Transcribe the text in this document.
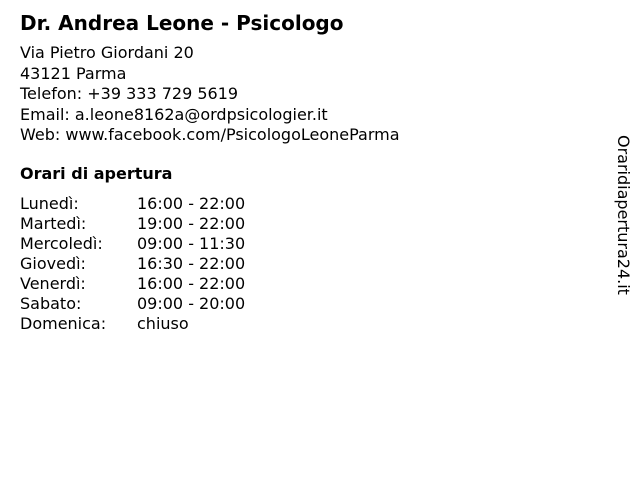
Dr. Andrea Leone - Psicologo
Via Pietro Giordani 20
43121 Parma
Telefon: +39 333 729 5619
Email: a.leone8162a@ordpsicologier.it
Web: www.facebook.com/PsicologoLeoneParma
Orari di apertura
Lunedì:	16:00 - 22:00
Martedì:	19:00 - 22:00
Mercoledì: 09:00 - 11:30
Giovedì:	16:30 - 22:00
Venerdì:	16:00 - 22:00
Sabato:	09:00 - 20:00
Domenica: chiuso
Oraridiapertura24.it
